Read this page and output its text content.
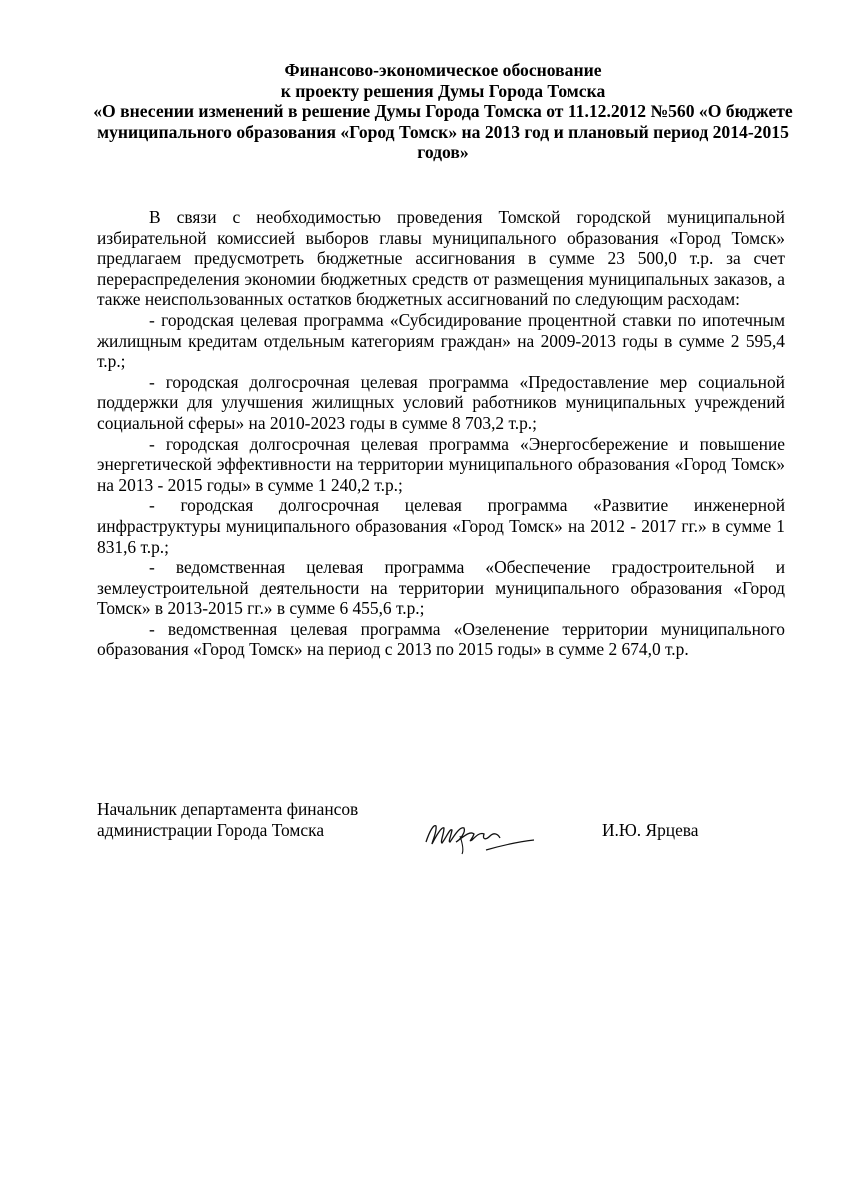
Финансово-экономическое обоснование
к проекту решения Думы Города Томска
«О внесении изменений в решение Думы Города Томска от 11.12.2012 №560 «О бюджете муниципального образования «Город Томск» на 2013 год и плановый период 2014-2015 годов»

В связи с необходимостью проведения Томской городской муниципальной избирательной комиссией выборов главы муниципального образования «Город Томск» предлагаем предусмотреть бюджетные ассигнования в сумме 23 500,0 т.р. за счет перераспределения экономии бюджетных средств от размещения муниципальных заказов, а также неиспользованных остатков бюджетных ассигнований по следующим расходам:

- городская целевая программа «Субсидирование процентной ставки по ипотечным жилищным кредитам отдельным категориям граждан» на 2009-2013 годы в сумме 2 595,4 т.р.;

- городская долгосрочная целевая программа «Предоставление мер социальной поддержки для улучшения жилищных условий работников муниципальных учреждений социальной сферы» на 2010-2023 годы в сумме 8 703,2 т.р.;

- городская долгосрочная целевая программа «Энергосбережение и повышение энергетической эффективности на территории муниципального образования «Город Томск» на 2013 - 2015 годы» в сумме 1 240,2 т.р.;

- городская долгосрочная целевая программа «Развитие инженерной инфраструктуры муниципального образования «Город Томск» на 2012 - 2017 гг.» в сумме 1 831,6 т.р.;

- ведомственная целевая программа «Обеспечение градостроительной и землеустроительной деятельности на территории муниципального образования «Город Томск» в 2013-2015 гг.» в сумме 6 455,6 т.р.;

- ведомственная целевая программа «Озеленение территории муниципального образования «Город Томск» на период с 2013 по 2015 годы» в сумме 2 674,0 т.р.

Начальник департамента финансов
администрации Города Томска	И.Ю. Ярцева
